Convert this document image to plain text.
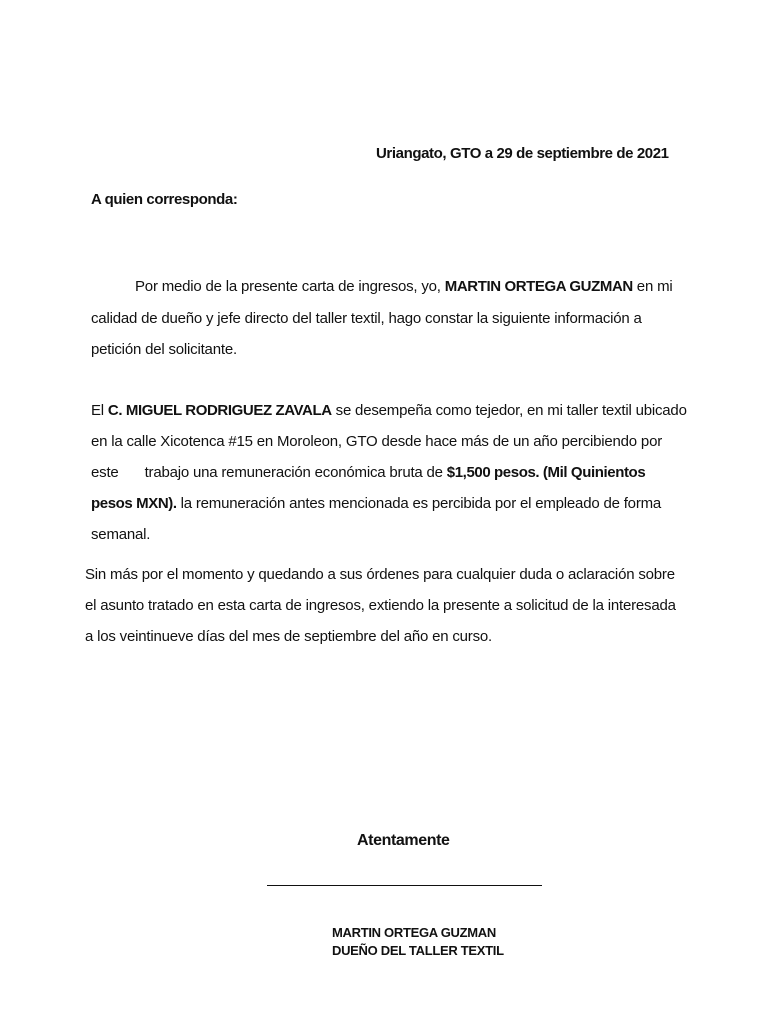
Uriangato, GTO a 29 de septiembre de 2021
A quien corresponda:
Por medio de la presente carta de ingresos, yo, MARTIN ORTEGA GUZMAN en mi
calidad de dueño y jefe directo del taller textil, hago constar la siguiente información a
petición del solicitante.
El C. MIGUEL RODRIGUEZ ZAVALA se desempeña como tejedor, en mi taller textil ubicado
en la calle Xicotenca #15 en Moroleon, GTO desde hace más de un año percibiendo por
este trabajo una remuneración económica bruta de $1,500 pesos. (Mil Quinientos
pesos MXN). la remuneración antes mencionada es percibida por el empleado de forma
semanal.
Sin más por el momento y quedando a sus órdenes para cualquier duda o aclaración sobre
el asunto tratado en esta carta de ingresos, extiendo la presente a solicitud de la interesada
a los veintinueve días del mes de septiembre del año en curso.
Atentamente
MARTIN ORTEGA GUZMAN
DUEÑO DEL TALLER TEXTIL
